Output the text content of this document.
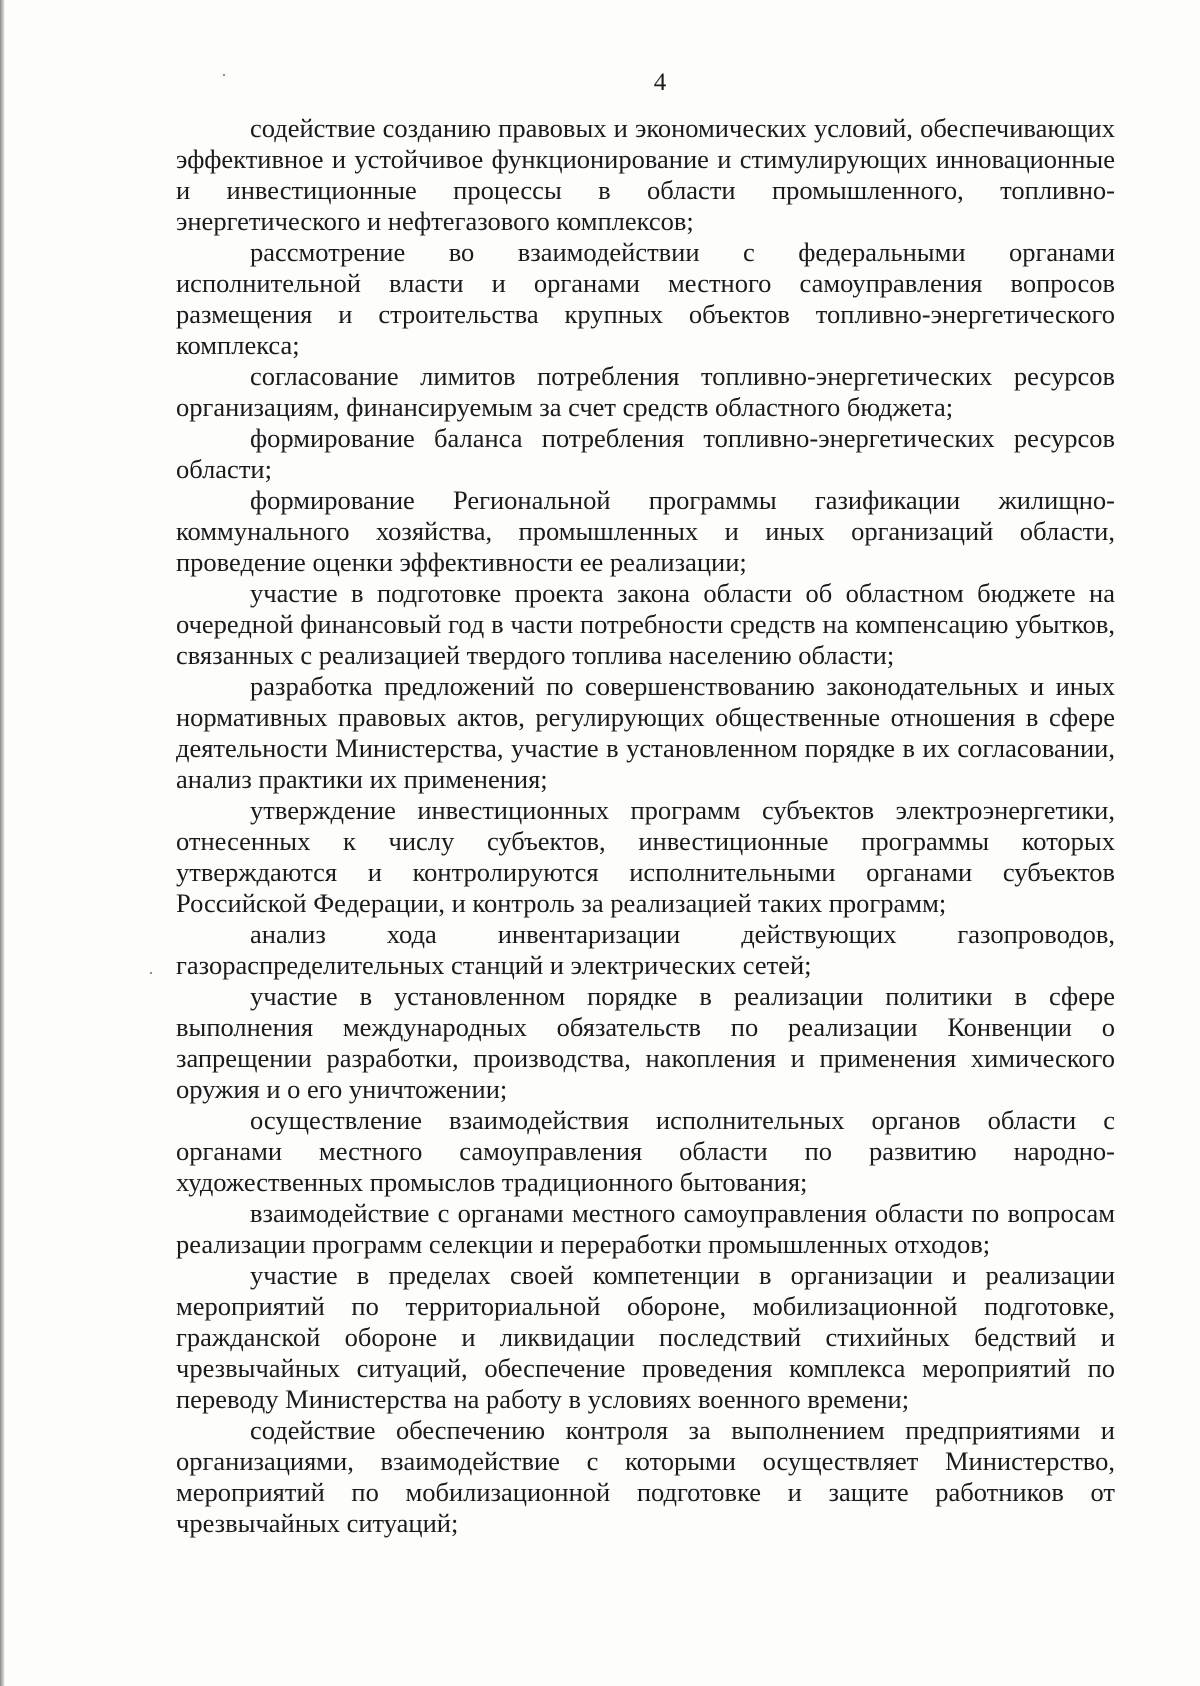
4

содействие созданию правовых и экономических условий, обеспечивающих эффективное и устойчивое функционирование и стимулирующих инновационные и инвестиционные процессы в области промышленного, топливно-энергетического и нефтегазового комплексов;

рассмотрение во взаимодействии с федеральными органами исполнительной власти и органами местного самоуправления вопросов размещения и строительства крупных объектов топливно-энергетического комплекса;

согласование лимитов потребления топливно-энергетических ресурсов организациям, финансируемым за счет средств областного бюджета;

формирование баланса потребления топливно-энергетических ресурсов области;

формирование Региональной программы газификации жилищно-коммунального хозяйства, промышленных и иных организаций области, проведение оценки эффективности ее реализации;

участие в подготовке проекта закона области об областном бюджете на очередной финансовый год в части потребности средств на компенсацию убытков, связанных с реализацией твердого топлива населению области;

разработка предложений по совершенствованию законодательных и иных нормативных правовых актов, регулирующих общественные отношения в сфере деятельности Министерства, участие в установленном порядке в их согласовании, анализ практики их применения;

утверждение инвестиционных программ субъектов электроэнергетики, отнесенных к числу субъектов, инвестиционные программы которых утверждаются и контролируются исполнительными органами субъектов Российской Федерации, и контроль за реализацией таких программ;

анализ хода инвентаризации действующих газопроводов, газораспределительных станций и электрических сетей;

участие в установленном порядке в реализации политики в сфере выполнения международных обязательств по реализации Конвенции о запрещении разработки, производства, накопления и применения химического оружия и о его уничтожении;

осуществление взаимодействия исполнительных органов области с органами местного самоуправления области по развитию народно-художественных промыслов традиционного бытования;

взаимодействие с органами местного самоуправления области по вопросам реализации программ селекции и переработки промышленных отходов;

участие в пределах своей компетенции в организации и реализации мероприятий по территориальной обороне, мобилизационной подготовке, гражданской обороне и ликвидации последствий стихийных бедствий и чрезвычайных ситуаций, обеспечение проведения комплекса мероприятий по переводу Министерства на работу в условиях военного времени;

содействие обеспечению контроля за выполнением предприятиями и организациями, взаимодействие с которыми осуществляет Министерство, мероприятий по мобилизационной подготовке и защите работников от чрезвычайных ситуаций;
